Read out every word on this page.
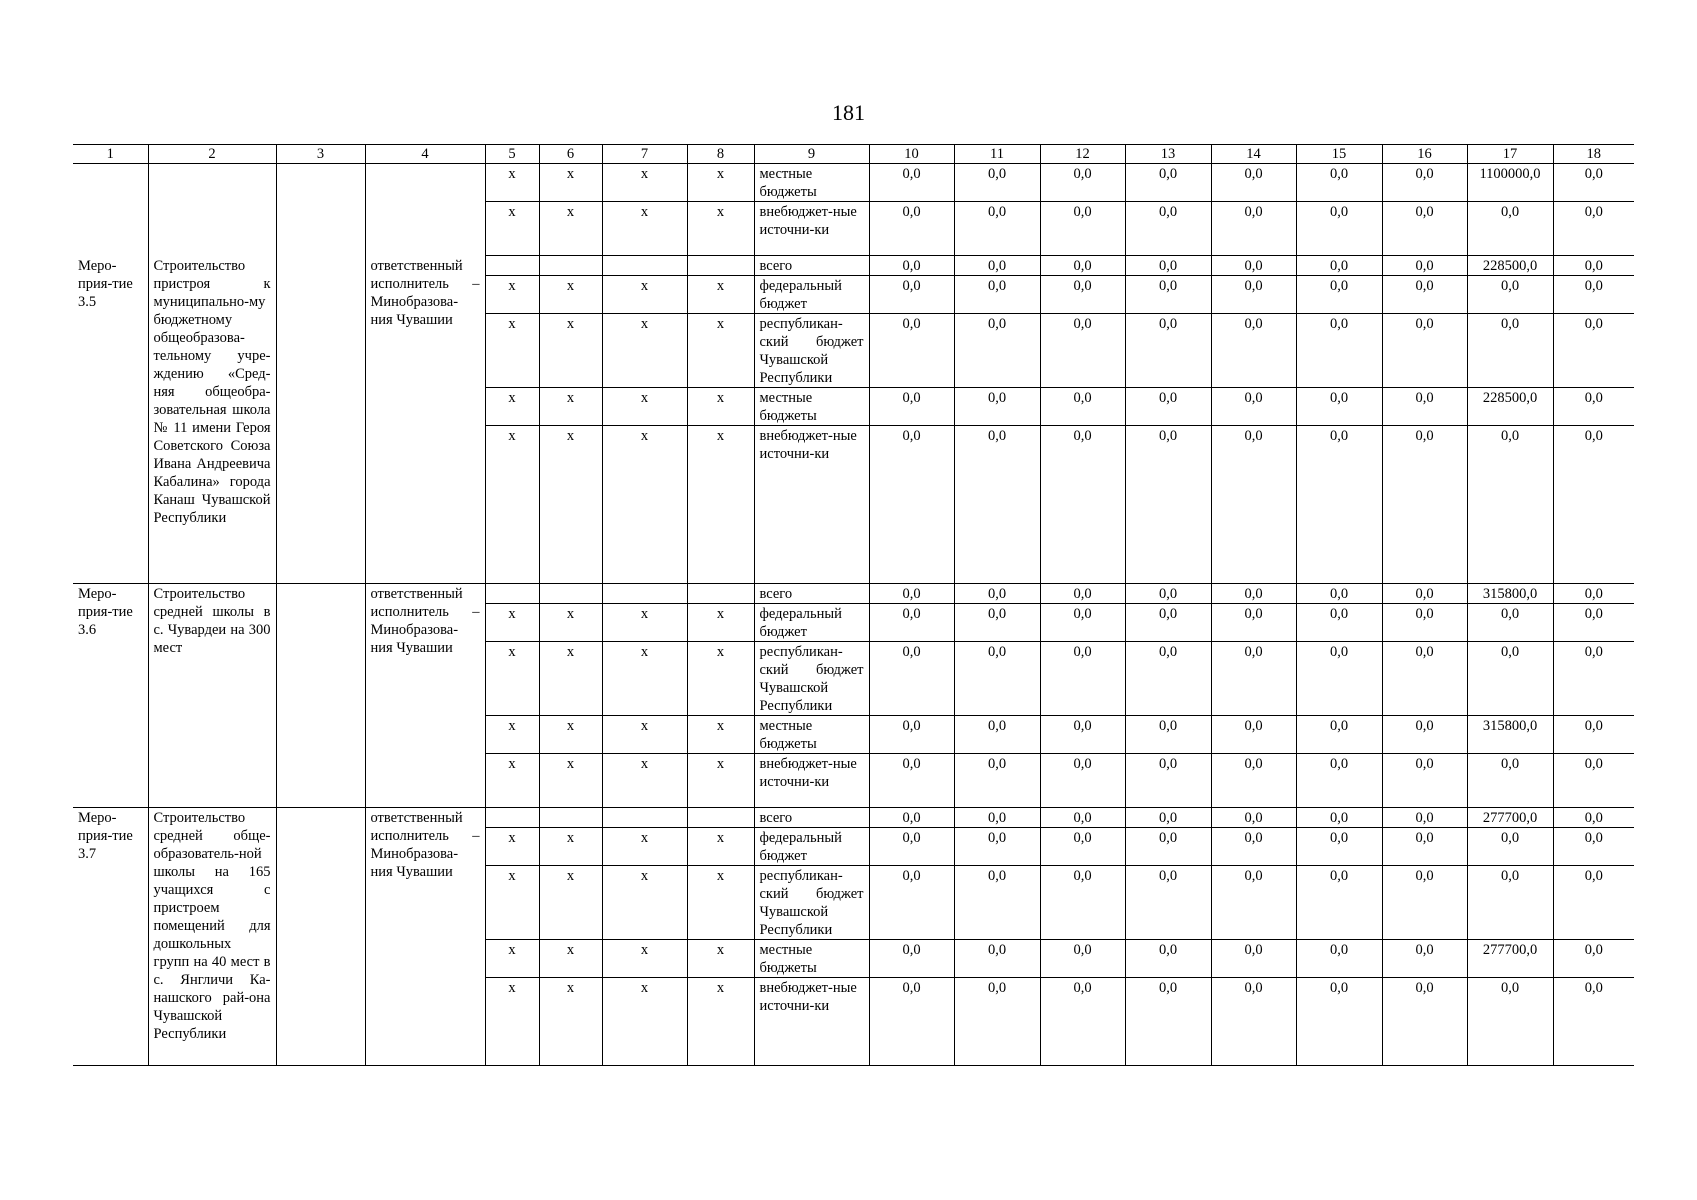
181
1	2	3	4	5	6	7	8	9	10	11	12	13	14	15	16	17	18
				x	x	x	x	местные бюджеты	0,0	0,0	0,0	0,0	0,0	0,0	0,0	1100000,0	0,0
				x	x	x	x	внебюджет-ные источни-ки	0,0	0,0	0,0	0,0	0,0	0,0	0,0	0,0	0,0
Меро-прия-тие 3.5	Строительство пристроя к муниципально-му бюджетному общеобразова-тельному учре-ждению «Сред-няя общеобра-зовательная школа № 11 имени Героя Советского Союза Ивана Андреевича Кабалина» города Канаш Чувашской Республики		ответственный исполнитель – Минобразова-ния Чувашии					всего	0,0	0,0	0,0	0,0	0,0	0,0	0,0	228500,0	0,0
				x	x	x	x	федеральный бюджет	0,0	0,0	0,0	0,0	0,0	0,0	0,0	0,0	0,0
				x	x	x	x	республикан-ский бюджет Чувашской Республики	0,0	0,0	0,0	0,0	0,0	0,0	0,0	0,0	0,0
				x	x	x	x	местные бюджеты	0,0	0,0	0,0	0,0	0,0	0,0	0,0	228500,0	0,0
				x	x	x	x	внебюджет-ные источни-ки	0,0	0,0	0,0	0,0	0,0	0,0	0,0	0,0	0,0
Меро-прия-тие 3.6	Строительство средней школы в с. Чувардеи на 300 мест		ответственный исполнитель – Минобразова-ния Чувашии					всего	0,0	0,0	0,0	0,0	0,0	0,0	0,0	315800,0	0,0
				x	x	x	x	федеральный бюджет	0,0	0,0	0,0	0,0	0,0	0,0	0,0	0,0	0,0
				x	x	x	x	республикан-ский бюджет Чувашской Республики	0,0	0,0	0,0	0,0	0,0	0,0	0,0	0,0	0,0
				x	x	x	x	местные бюджеты	0,0	0,0	0,0	0,0	0,0	0,0	0,0	315800,0	0,0
				x	x	x	x	внебюджет-ные источни-ки	0,0	0,0	0,0	0,0	0,0	0,0	0,0	0,0	0,0
Меро-прия-тие 3.7	Строительство средней обще-образователь-ной школы на 165 учащихся с пристроем помещений для дошкольных групп на 40 мест в с. Янгличи Ка-нашского рай-она Чувашской Республики		ответственный исполнитель – Минобразова-ния Чувашии					всего	0,0	0,0	0,0	0,0	0,0	0,0	0,0	277700,0	0,0
				x	x	x	x	федеральный бюджет	0,0	0,0	0,0	0,0	0,0	0,0	0,0	0,0	0,0
				x	x	x	x	республикан-ский бюджет Чувашской Республики	0,0	0,0	0,0	0,0	0,0	0,0	0,0	0,0	0,0
				x	x	x	x	местные бюджеты	0,0	0,0	0,0	0,0	0,0	0,0	0,0	277700,0	0,0
				x	x	x	x	внебюджет-ные источни-ки	0,0	0,0	0,0	0,0	0,0	0,0	0,0	0,0	0,0
